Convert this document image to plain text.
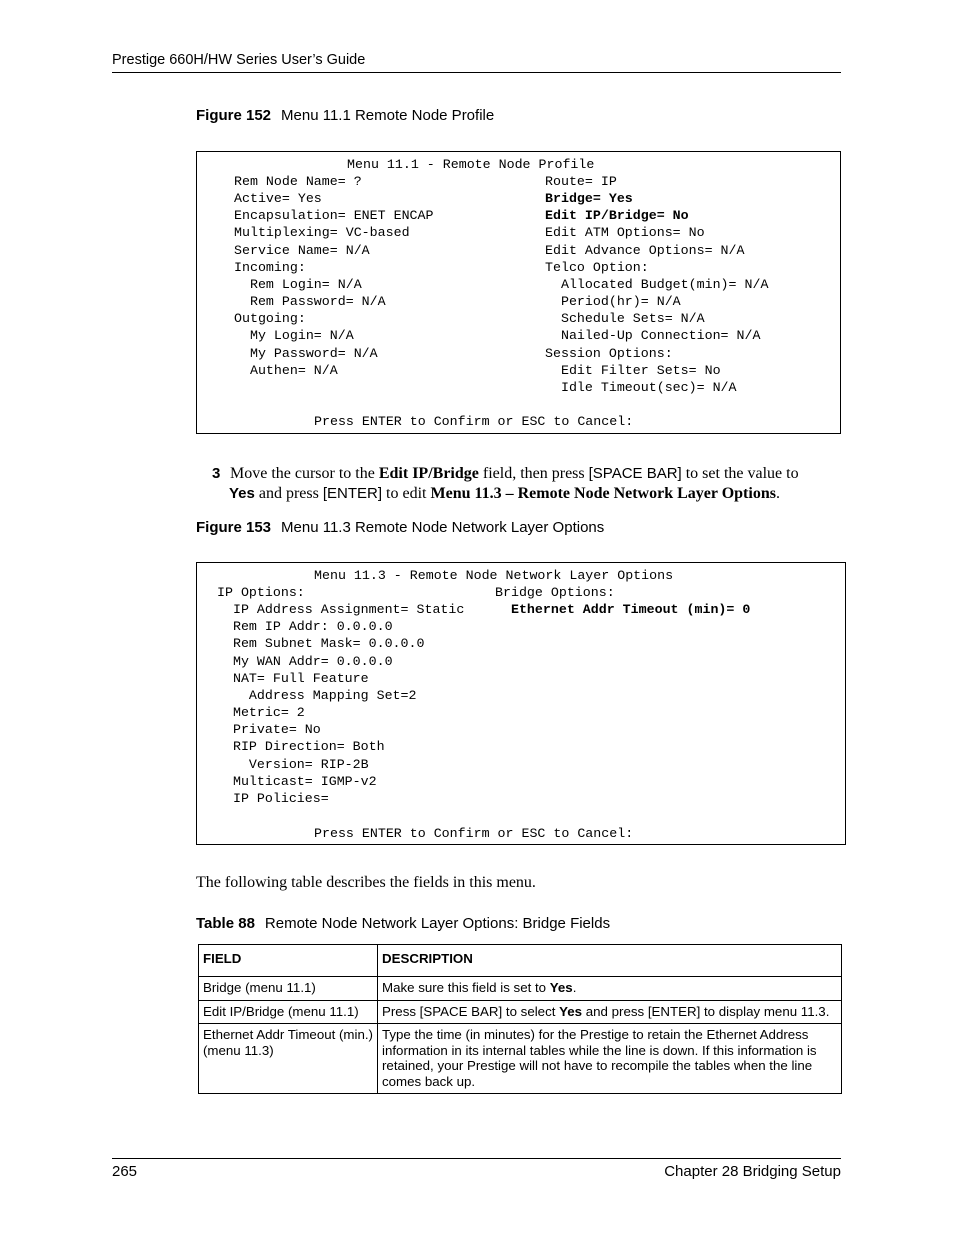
Prestige 660H/HW Series User’s Guide
Figure 152 Menu 11.1 Remote Node Profile
Menu 11.1 - Remote Node Profile
Rem Node Name= ?
Active= Yes
Encapsulation= ENET ENCAP
Multiplexing= VC-based
Service Name= N/A
Incoming:
Rem Login= N/A
Rem Password= N/A
Outgoing:
My Login= N/A
My Password= N/A
Authen= N/A
Route= IP
Bridge= Yes
Edit IP/Bridge= No
Edit ATM Options= No
Edit Advance Options= N/A
Telco Option:
Allocated Budget(min)= N/A
Period(hr)= N/A
Schedule Sets= N/A
Nailed-Up Connection= N/A
Session Options:
Edit Filter Sets= No
Idle Timeout(sec)= N/A
Press ENTER to Confirm or ESC to Cancel:
3 Move the cursor to the Edit IP/Bridge field, then press [SPACE BAR] to set the value to
Yes and press [ENTER] to edit Menu 11.3 – Remote Node Network Layer Options.
Figure 153 Menu 11.3 Remote Node Network Layer Options
Menu 11.3 - Remote Node Network Layer Options
IP Options:
IP Address Assignment= Static
Rem IP Addr: 0.0.0.0
Rem Subnet Mask= 0.0.0.0
My WAN Addr= 0.0.0.0
NAT= Full Feature
Address Mapping Set=2
Metric= 2
Private= No
RIP Direction= Both
Version= RIP-2B
Multicast= IGMP-v2
IP Policies=
Bridge Options:
Ethernet Addr Timeout (min)= 0
Press ENTER to Confirm or ESC to Cancel:
The following table describes the fields in this menu.
Table 88 Remote Node Network Layer Options: Bridge Fields
FIELD	DESCRIPTION
Bridge (menu 11.1)	Make sure this field is set to Yes.
Edit IP/Bridge (menu 11.1)	Press [SPACE BAR] to select Yes and press [ENTER] to display menu 11.3.
Ethernet Addr Timeout (min.) (menu 11.3)	Type the time (in minutes) for the Prestige to retain the Ethernet Address information in its internal tables while the line is down. If this information is retained, your Prestige will not have to recompile the tables when the line comes back up.
265	Chapter 28 Bridging Setup
